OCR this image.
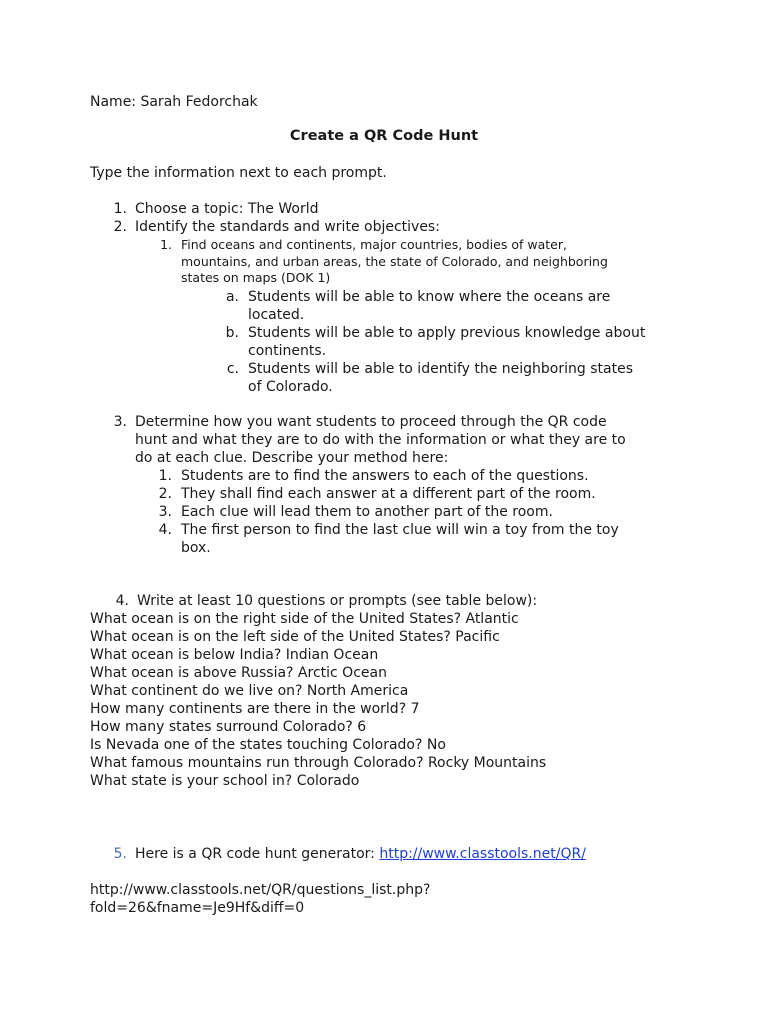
Name: Sarah Fedorchak
Create a QR Code Hunt
Type the information next to each prompt.
1. Choose a topic: The World
2. Identify the standards and write objectives:
1. Find oceans and continents, major countries, bodies of water,
mountains, and urban areas, the state of Colorado, and neighboring
states on maps (DOK 1)
a. Students will be able to know where the oceans are
located.
b. Students will be able to apply previous knowledge about
continents.
c. Students will be able to identify the neighboring states
of Colorado.
3. Determine how you want students to proceed through the QR code
hunt and what they are to do with the information or what they are to
do at each clue. Describe your method here:
1. Students are to find the answers to each of the questions.
2. They shall find each answer at a different part of the room.
3. Each clue will lead them to another part of the room.
4. The first person to find the last clue will win a toy from the toy
box.
4. Write at least 10 questions or prompts (see table below):
What ocean is on the right side of the United States? Atlantic
What ocean is on the left side of the United States? Pacific
What ocean is below India? Indian Ocean
What ocean is above Russia? Arctic Ocean
What continent do we live on? North America
How many continents are there in the world? 7
How many states surround Colorado? 6
Is Nevada one of the states touching Colorado? No
What famous mountains run through Colorado? Rocky Mountains
What state is your school in? Colorado
5. Here is a QR code hunt generator: http://www.classtools.net/QR/
http://www.classtools.net/QR/questions_list.php?
fold=26&fname=Je9Hf&diff=0
